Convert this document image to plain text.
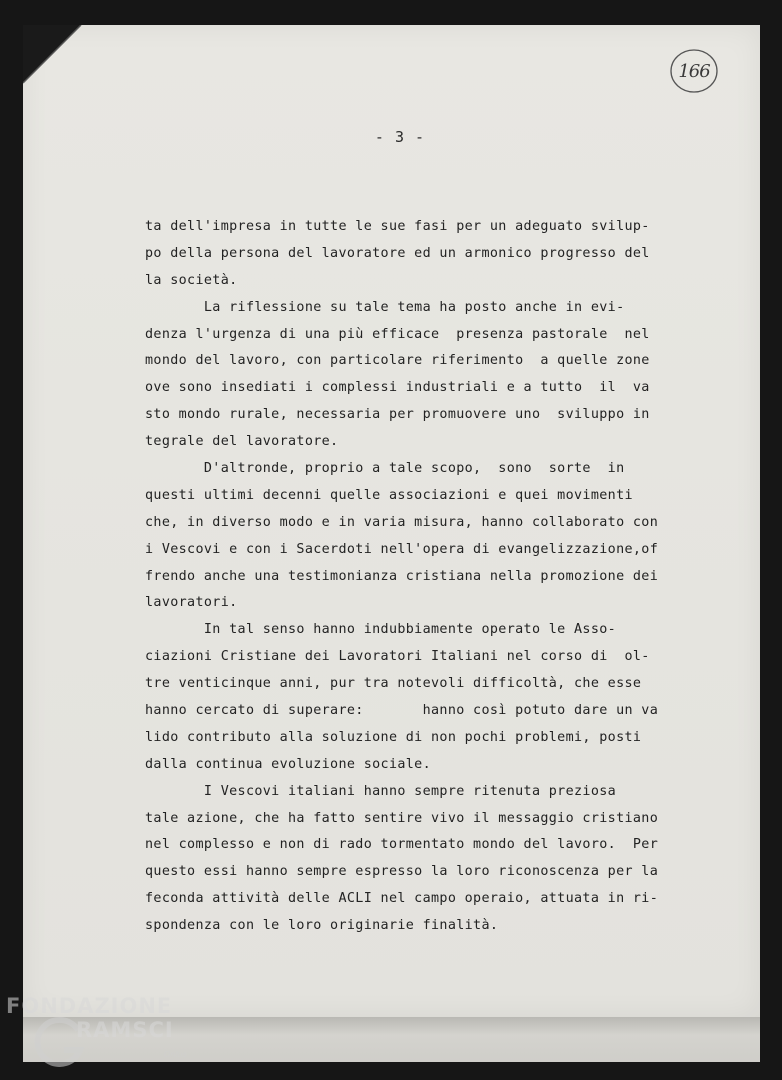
166
- 3 -
ta dell'impresa in tutte le sue fasi per un adeguato svilup-
po della persona del lavoratore ed un armonico progresso del
la società.
La riflessione su tale tema ha posto anche in evi-
denza l'urgenza di una più efficace  presenza pastorale  nel
mondo del lavoro, con particolare riferimento  a quelle zone
ove sono insediati i complessi industriali e a tutto  il  va
sto mondo rurale, necessaria per promuovere uno  sviluppo in
tegrale del lavoratore.
D'altronde, proprio a tale scopo,  sono  sorte  in
questi ultimi decenni quelle associazioni e quei movimenti
che, in diverso modo e in varia misura, hanno collaborato con
i Vescovi e con i Sacerdoti nell'opera di evangelizzazione,of
frendo anche una testimonianza cristiana nella promozione dei
lavoratori.
In tal senso hanno indubbiamente operato le Asso-
ciazioni Cristiane dei Lavoratori Italiani nel corso di  ol-
tre venticinque anni, pur tra notevoli difficoltà, che esse
hanno cercato di superare:       hanno così potuto dare un va
lido contributo alla soluzione di non pochi problemi, posti
dalla continua evoluzione sociale.
I Vescovi italiani hanno sempre ritenuta preziosa
tale azione, che ha fatto sentire vivo il messaggio cristiano
nel complesso e non di rado tormentato mondo del lavoro.  Per
questo essi hanno sempre espresso la loro riconoscenza per la
feconda attività delle ACLI nel campo operaio, attuata in ri-
spondenza con le loro originarie finalità.
FONDAZIONE
RAMSCI
Onlus
